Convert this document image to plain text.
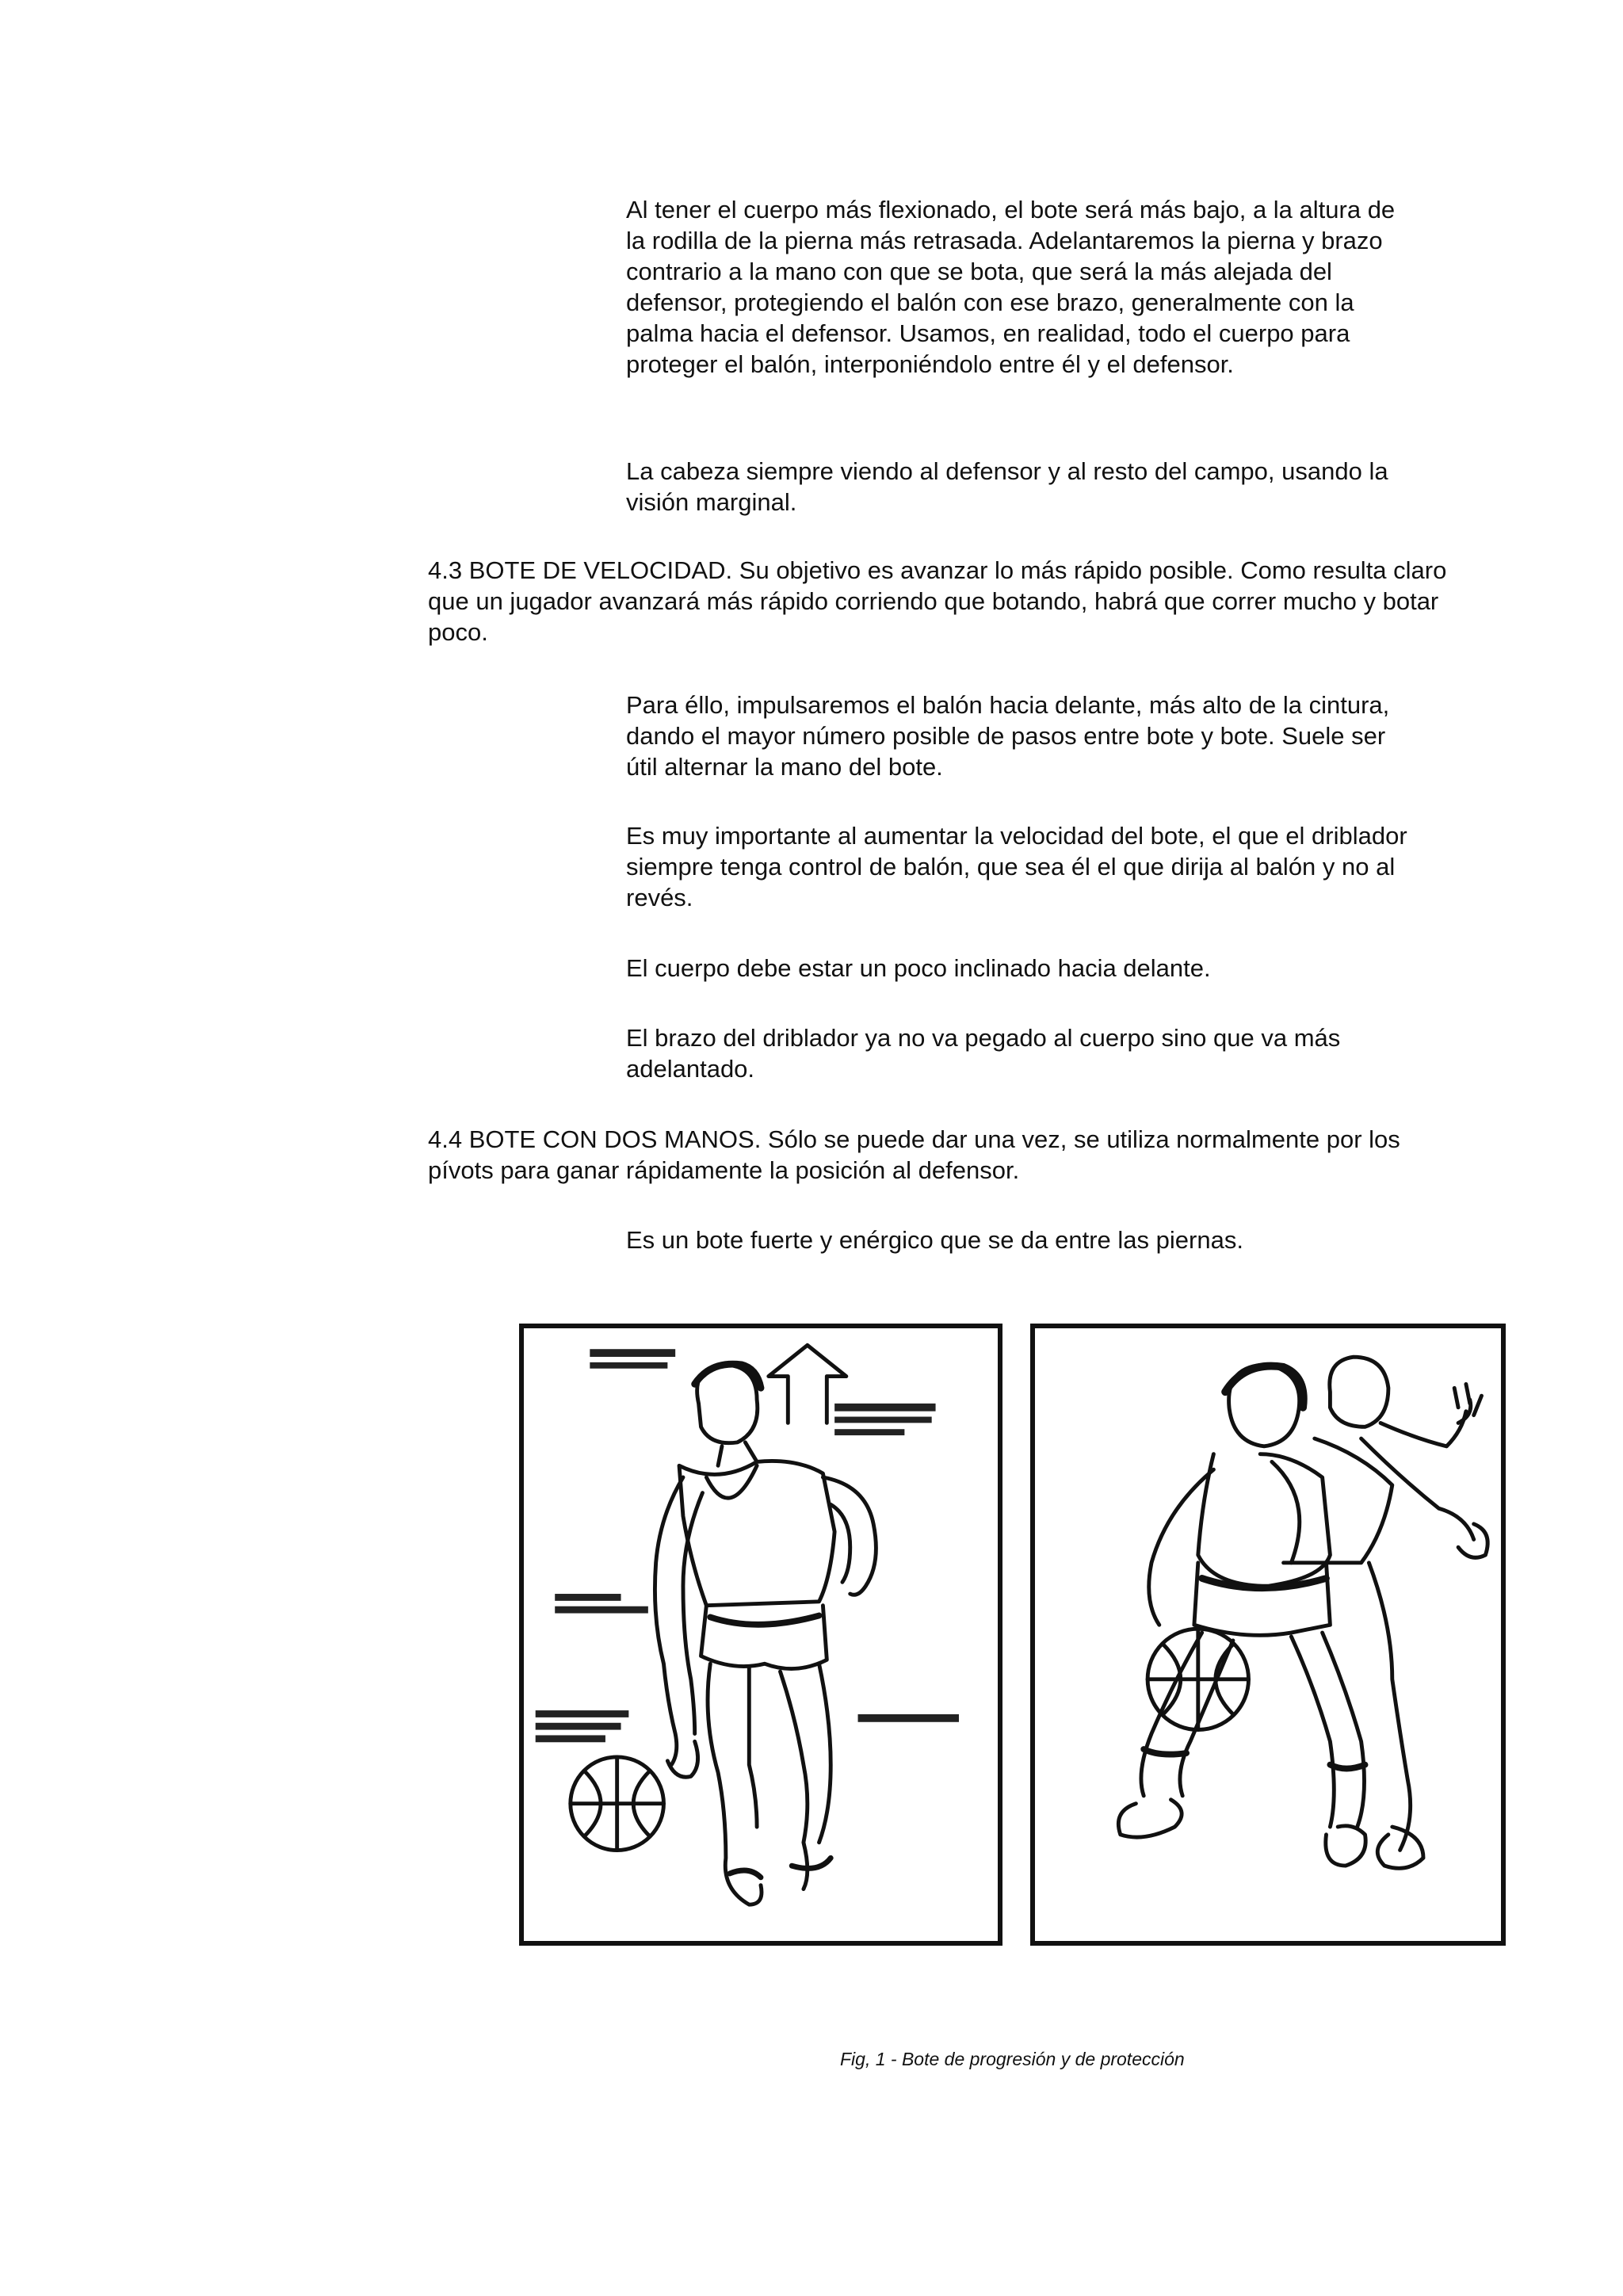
Al tener el cuerpo más flexionado, el bote será más bajo, a la altura de la rodilla de la pierna más retrasada. Adelantaremos la pierna y brazo contrario a la mano con que se bota, que será la más alejada del defensor, protegiendo el balón con ese brazo, generalmente con la palma hacia el defensor. Usamos, en realidad, todo el cuerpo para proteger el balón, interponiéndolo entre él y el defensor.

La cabeza siempre viendo al defensor y al resto del campo, usando la visión marginal.

4.3 BOTE DE VELOCIDAD. Su objetivo es avanzar lo más rápido posible. Como resulta claro que un jugador avanzará más rápido corriendo que botando, habrá que correr mucho y botar poco.

Para éllo, impulsaremos el balón hacia delante, más alto de la cintura, dando el mayor número posible de pasos entre bote y bote. Suele ser útil alternar la mano del bote.

Es muy importante al aumentar la velocidad del bote, el que el driblador siempre tenga control de balón, que sea él el que dirija al balón y no al revés.

El cuerpo debe estar un poco inclinado hacia delante.

El brazo del driblador ya no va pegado al cuerpo sino que va más adelantado.

4.4 BOTE CON DOS MANOS. Sólo se puede dar una vez, se utiliza normalmente por los pívots para ganar rápidamente la posición al defensor.

Es un bote fuerte y enérgico que se da entre las piernas.

Fig, 1 - Bote de progresión y de protección
